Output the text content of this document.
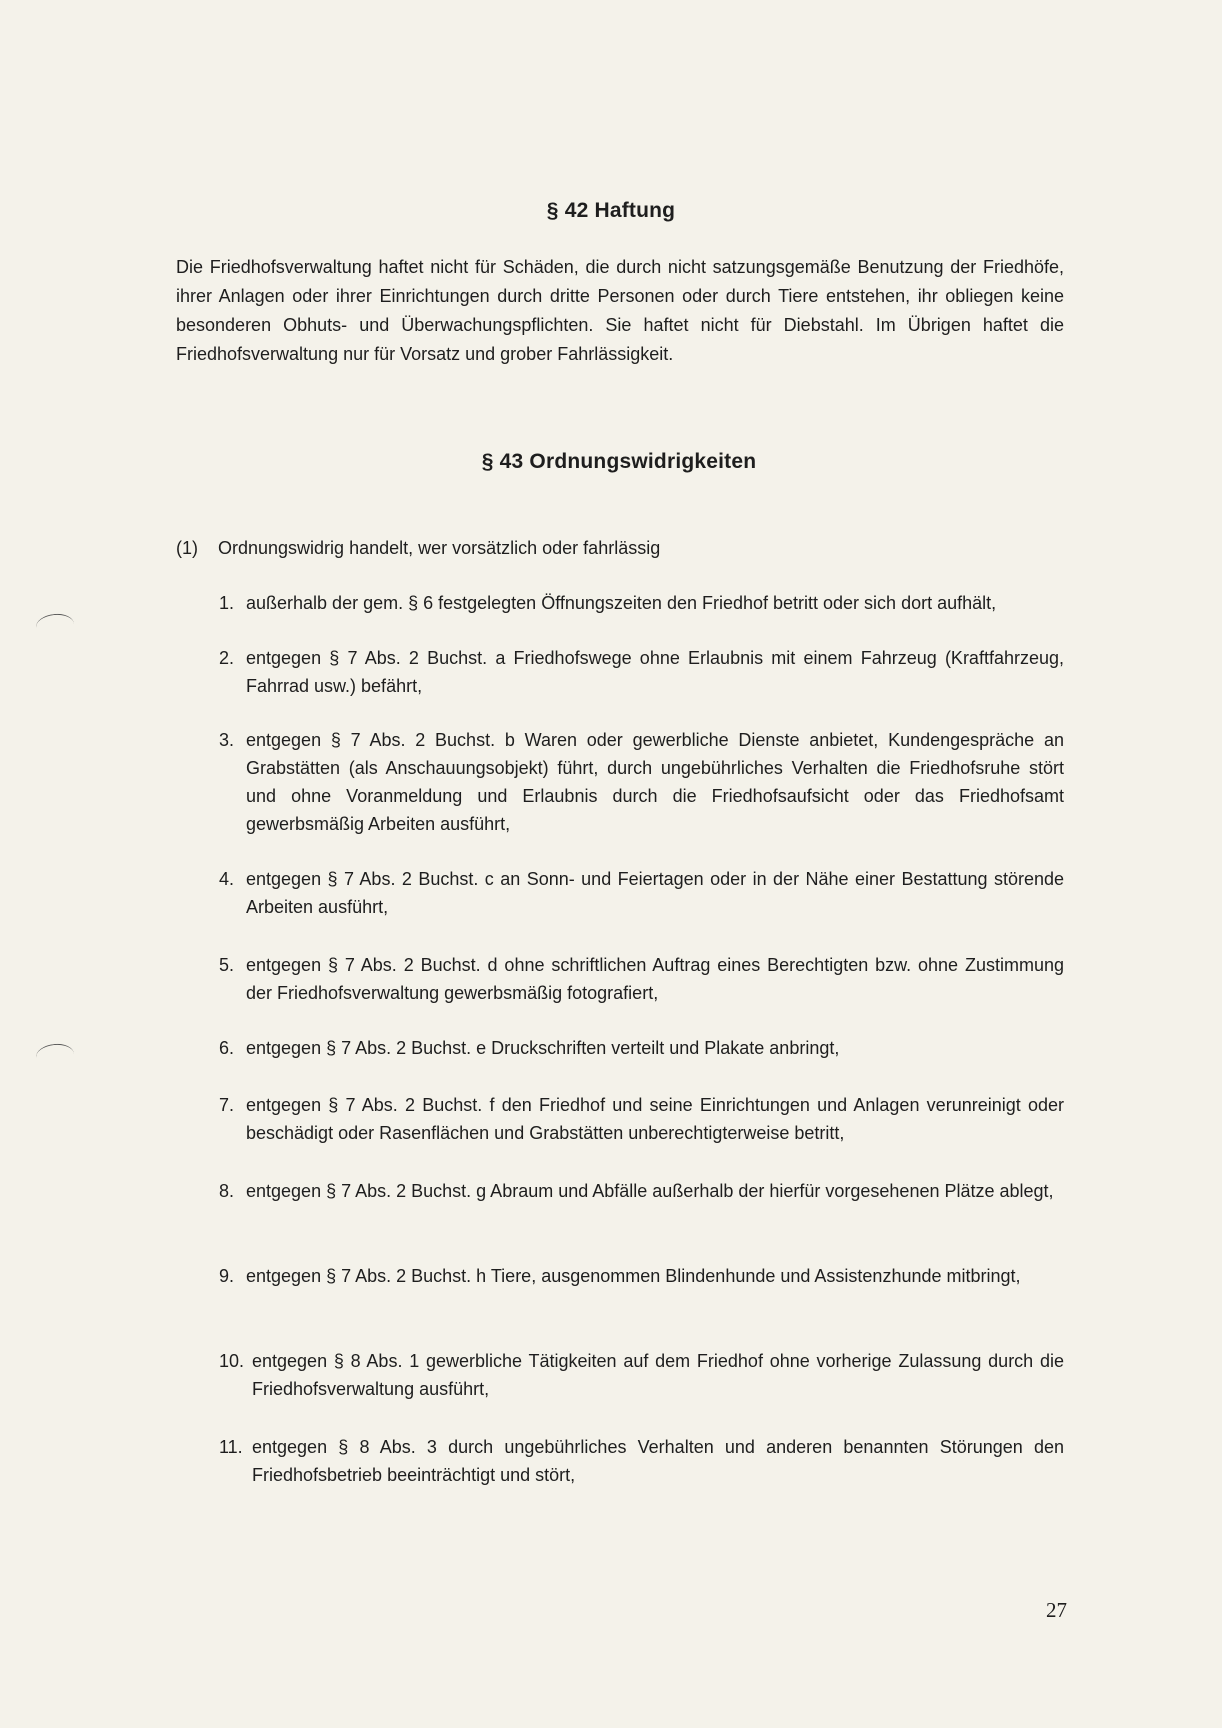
§ 42 Haftung
Die Friedhofsverwaltung haftet nicht für Schäden, die durch nicht satzungsgemäße Benutzung der Friedhöfe, ihrer Anlagen oder ihrer Einrichtungen durch dritte Personen oder durch Tiere entstehen, ihr obliegen keine besonderen Obhuts- und Überwachungspflichten. Sie haftet nicht für Diebstahl. Im Übrigen haftet die Friedhofsverwaltung nur für Vorsatz und grober Fahrlässigkeit.
§ 43 Ordnungswidrigkeiten
(1) Ordnungswidrig handelt, wer vorsätzlich oder fahrlässig
1. außerhalb der gem. § 6 festgelegten Öffnungszeiten den Friedhof betritt oder sich dort aufhält,
2. entgegen § 7 Abs. 2 Buchst. a Friedhofswege ohne Erlaubnis mit einem Fahrzeug (Kraftfahrzeug, Fahrrad usw.) befährt,
3. entgegen § 7 Abs. 2 Buchst. b Waren oder gewerbliche Dienste anbietet, Kundengespräche an Grabstätten (als Anschauungsobjekt) führt, durch ungebührliches Verhalten die Friedhofsruhe stört und ohne Voranmeldung und Erlaubnis durch die Friedhofsaufsicht oder das Friedhofsamt gewerbsmäßig Arbeiten ausführt,
4. entgegen § 7 Abs. 2 Buchst. c an Sonn- und Feiertagen oder in der Nähe einer Bestattung störende Arbeiten ausführt,
5. entgegen § 7 Abs. 2 Buchst. d ohne schriftlichen Auftrag eines Berechtigten bzw. ohne Zustimmung der Friedhofsverwaltung gewerbsmäßig fotografiert,
6. entgegen § 7 Abs. 2 Buchst. e Druckschriften verteilt und Plakate anbringt,
7. entgegen § 7 Abs. 2 Buchst. f den Friedhof und seine Einrichtungen und Anlagen verunreinigt oder beschädigt oder Rasenflächen und Grabstätten unberechtigterweise betritt,
8. entgegen § 7 Abs. 2 Buchst. g Abraum und Abfälle außerhalb der hierfür vorgesehenen Plätze ablegt,
9. entgegen § 7 Abs. 2 Buchst. h Tiere, ausgenommen Blindenhunde und Assistenzhunde mitbringt,
10. entgegen § 8 Abs. 1 gewerbliche Tätigkeiten auf dem Friedhof ohne vorherige Zulassung durch die Friedhofsverwaltung ausführt,
11. entgegen § 8 Abs. 3 durch ungebührliches Verhalten und anderen benannten Störungen den Friedhofsbetrieb beeinträchtigt und stört,
27
